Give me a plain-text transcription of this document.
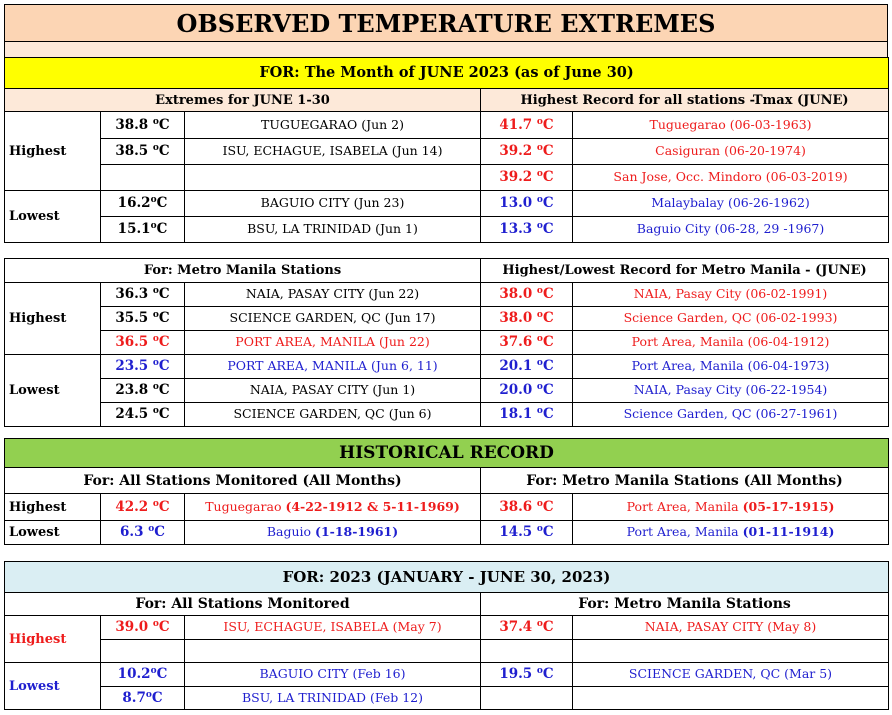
OBSERVED TEMPERATURE EXTREMES
FOR: The Month of JUNE 2023 (as of June 30)				
Extremes for JUNE 1-30			Highest Record for all stations -Tmax (JUNE)	
Highest	38.8 $^o$C	TUGUEGARAO (Jun 2)	41.7 $^o$C	Tuguegarao (06-03-1963)
	38.5 $^o$C	ISU, ECHAGUE, ISABELA (Jun 14)	39.2 $^o$C	Casiguran (06-20-1974)
			39.2 $^o$C	San Jose, Occ. Mindoro (06-03-2019)
Lowest	16.2$^o$C	BAGUIO CITY (Jun 23)	13.0 $^o$C	Malaybalay (06-26-1962)
	15.1$^o$C	BSU, LA TRINIDAD (Jun 1)	13.3 $^o$C	Baguio City (06-28, 29 -1967)
For: Metro Manila Stations			Highest/Lowest Record for Metro Manila - (JUNE)	
Highest	36.3 $^o$C	NAIA, PASAY CITY (Jun 22)	38.0 $^o$C	NAIA, Pasay City (06-02-1991)
	35.5 $^o$C	SCIENCE GARDEN, QC (Jun 17)	38.0 $^o$C	Science Garden, QC (06-02-1993)
	36.5 $^o$C	PORT AREA, MANILA (Jun 22)	37.6 $^o$C	Port Area, Manila (06-04-1912)
Lowest	23.5 $^o$C	PORT AREA, MANILA (Jun 6, 11)	20.1 $^o$C	Port Area, Manila (06-04-1973)
	23.8 $^o$C	NAIA, PASAY CITY (Jun 1)	20.0 $^o$C	NAIA, Pasay City (06-22-1954)
	24.5 $^o$C	SCIENCE GARDEN, QC (Jun 6)	18.1 $^o$C	Science Garden, QC (06-27-1961)
HISTORICAL RECORD				
For: All Stations Monitored (All Months)			For: Metro Manila Stations (All Months)	
Highest	42.2 $^o$C	Tuguegarao (4-22-1912 & 5-11-1969)	38.6 $^o$C	Port Area, Manila (05-17-1915)
Lowest	6.3 $^o$C	Baguio (1-18-1961)	14.5 $^o$C	Port Area, Manila (01-11-1914)
FOR: 2023 (JANUARY - JUNE 30, 2023)				
For: All Stations Monitored			For: Metro Manila Stations	
Highest	39.0 $^o$C	ISU, ECHAGUE, ISABELA (May 7)	37.4 $^o$C	NAIA, PASAY CITY (May 8)

Lowest	10.2$^o$C	BAGUIO CITY (Feb 16)	19.5 $^o$C	SCIENCE GARDEN, QC (Mar 5)
	8.7$^o$C	BSU, LA TRINIDAD (Feb 12)		
